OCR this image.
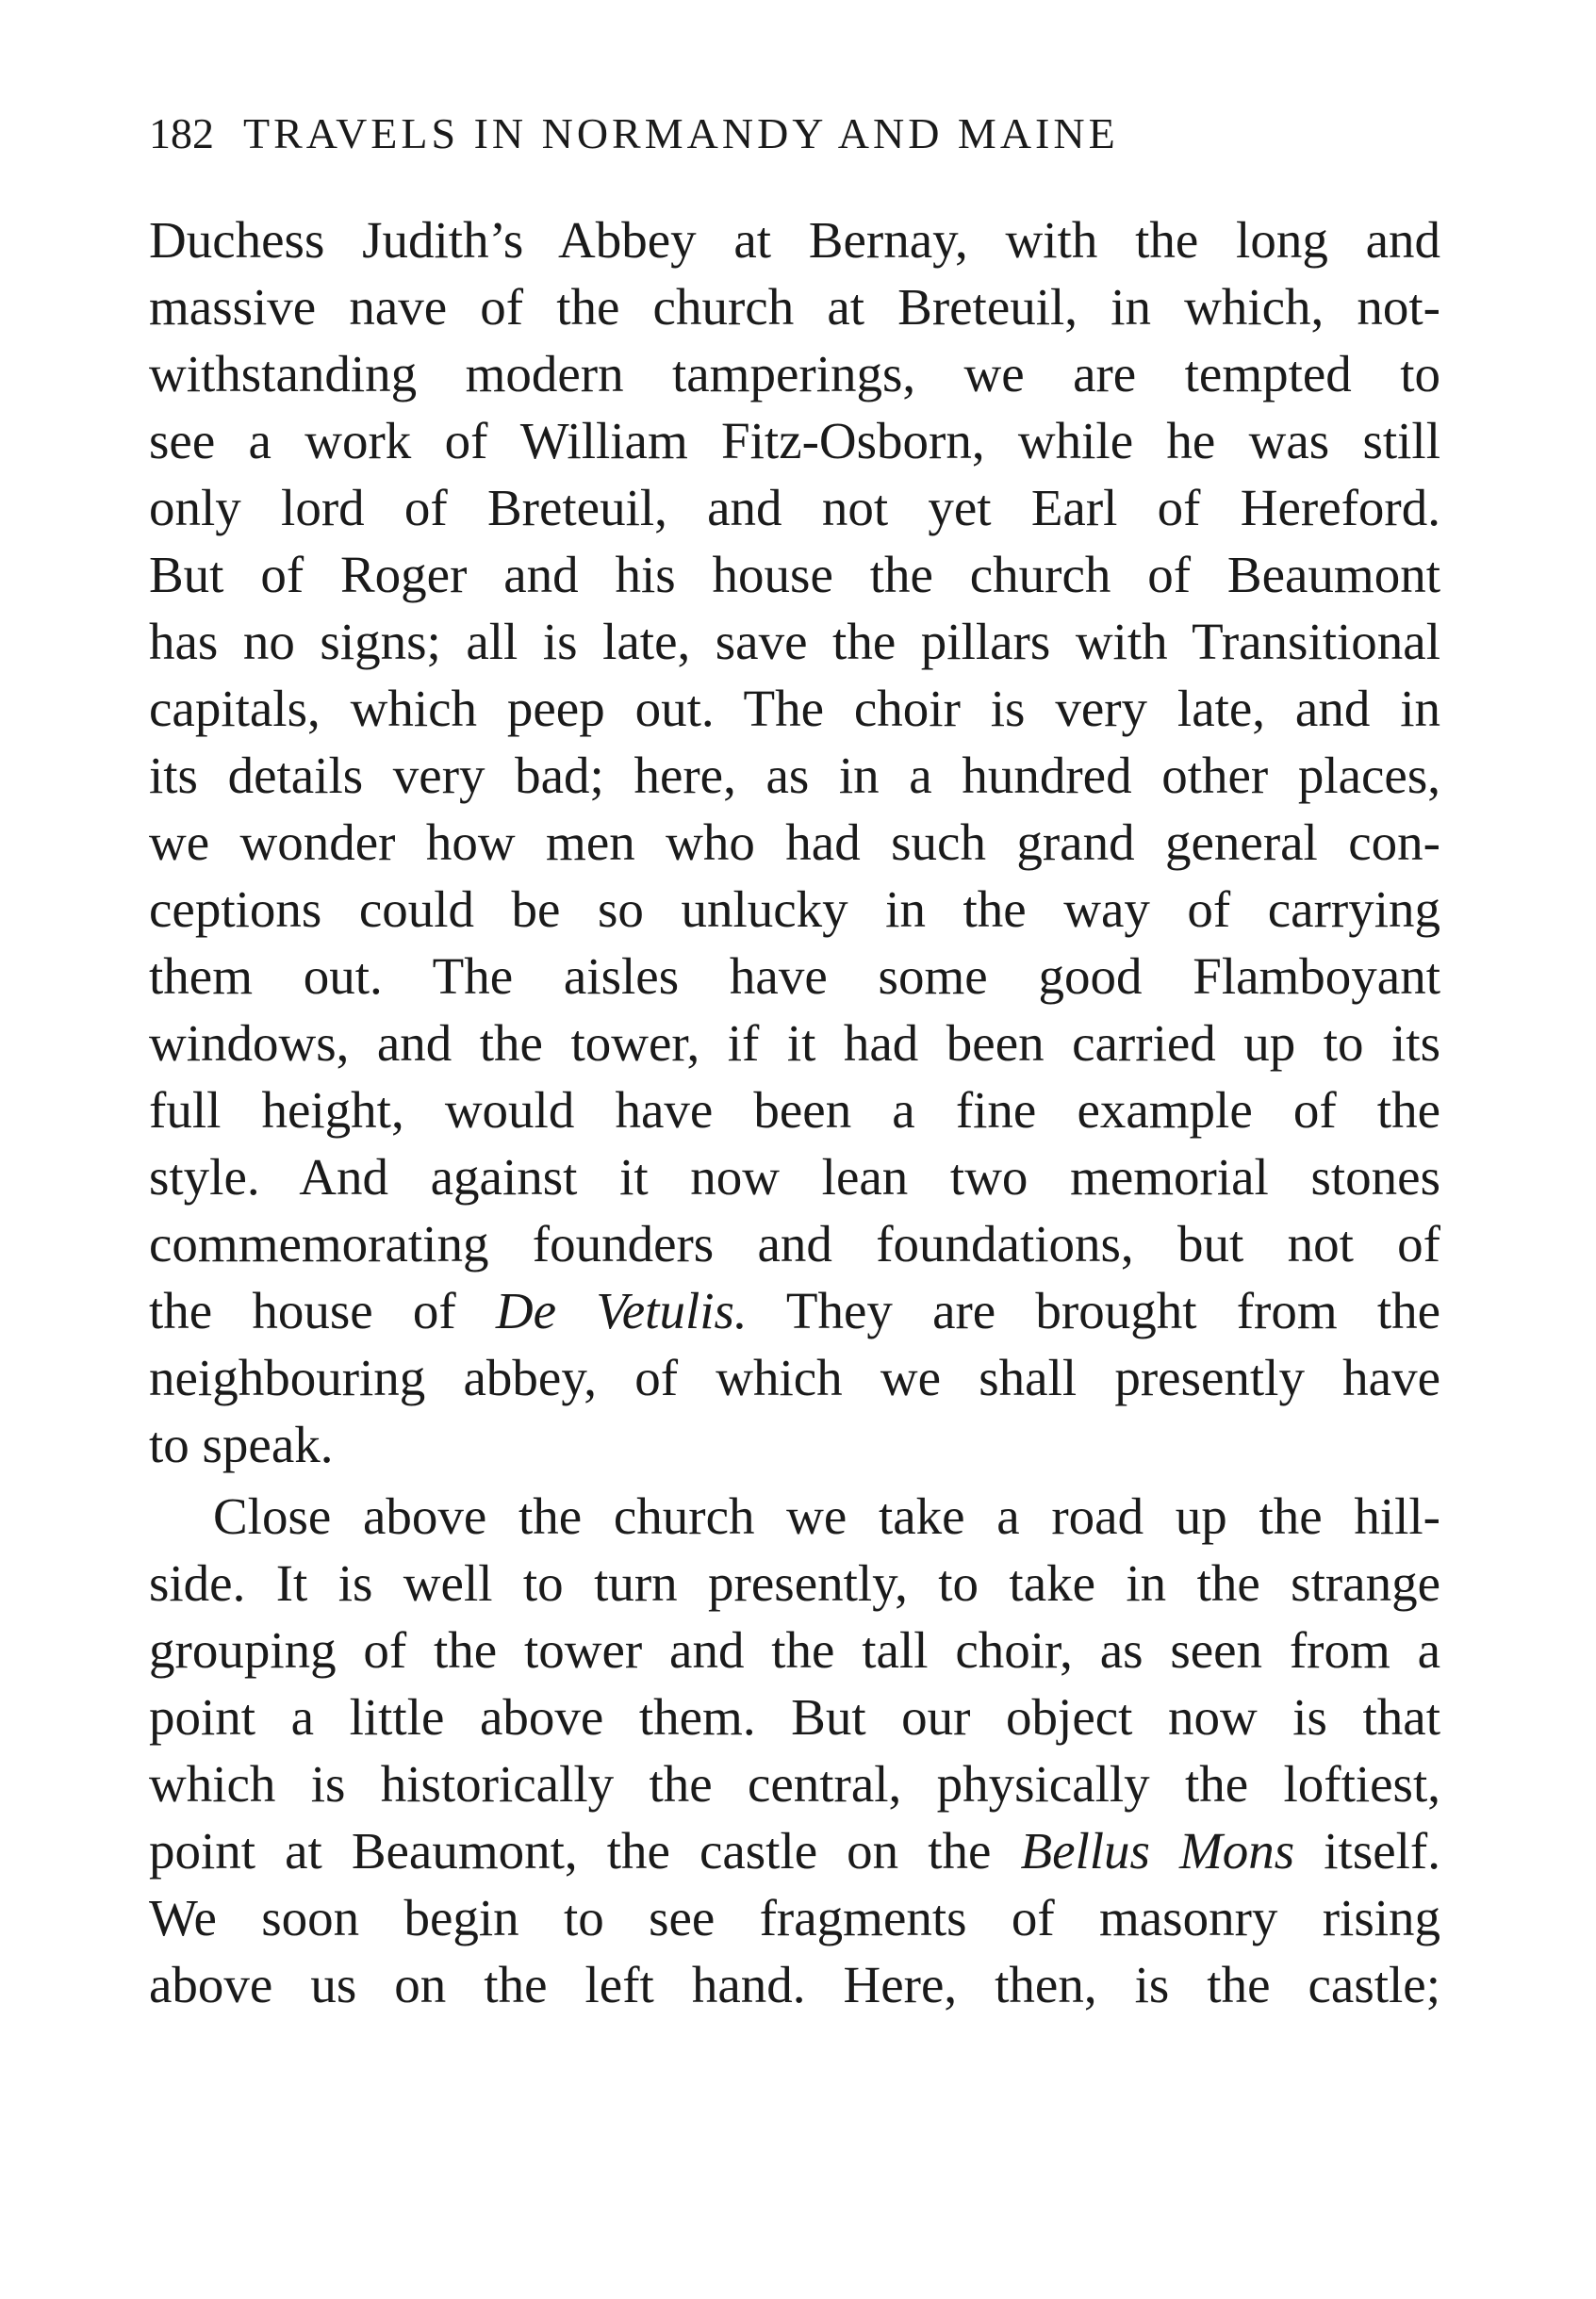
182 TRAVELS IN NORMANDY AND MAINE
Duchess Judith’s Abbey at Bernay, with the long and
massive nave of the church at Breteuil, in which, not-
withstanding modern tamperings, we are tempted to
see a work of William Fitz-Osborn, while he was still
only lord of Breteuil, and not yet Earl of Hereford.
But of Roger and his house the church of Beaumont
has no signs; all is late, save the pillars with Transitional
capitals, which peep out. The choir is very late, and in
its details very bad; here, as in a hundred other places,
we wonder how men who had such grand general con-
ceptions could be so unlucky in the way of carrying
them out. The aisles have some good Flamboyant
windows, and the tower, if it had been carried up to its
full height, would have been a fine example of the
style. And against it now lean two memorial stones
commemorating founders and foundations, but not of
the house of De Vetulis. They are brought from the
neighbouring abbey, of which we shall presently have
to speak.
Close above the church we take a road up the hill-
side. It is well to turn presently, to take in the strange
grouping of the tower and the tall choir, as seen from a
point a little above them. But our object now is that
which is historically the central, physically the loftiest,
point at Beaumont, the castle on the Bellus Mons itself.
We soon begin to see fragments of masonry rising
above us on the left hand. Here, then, is the castle;
